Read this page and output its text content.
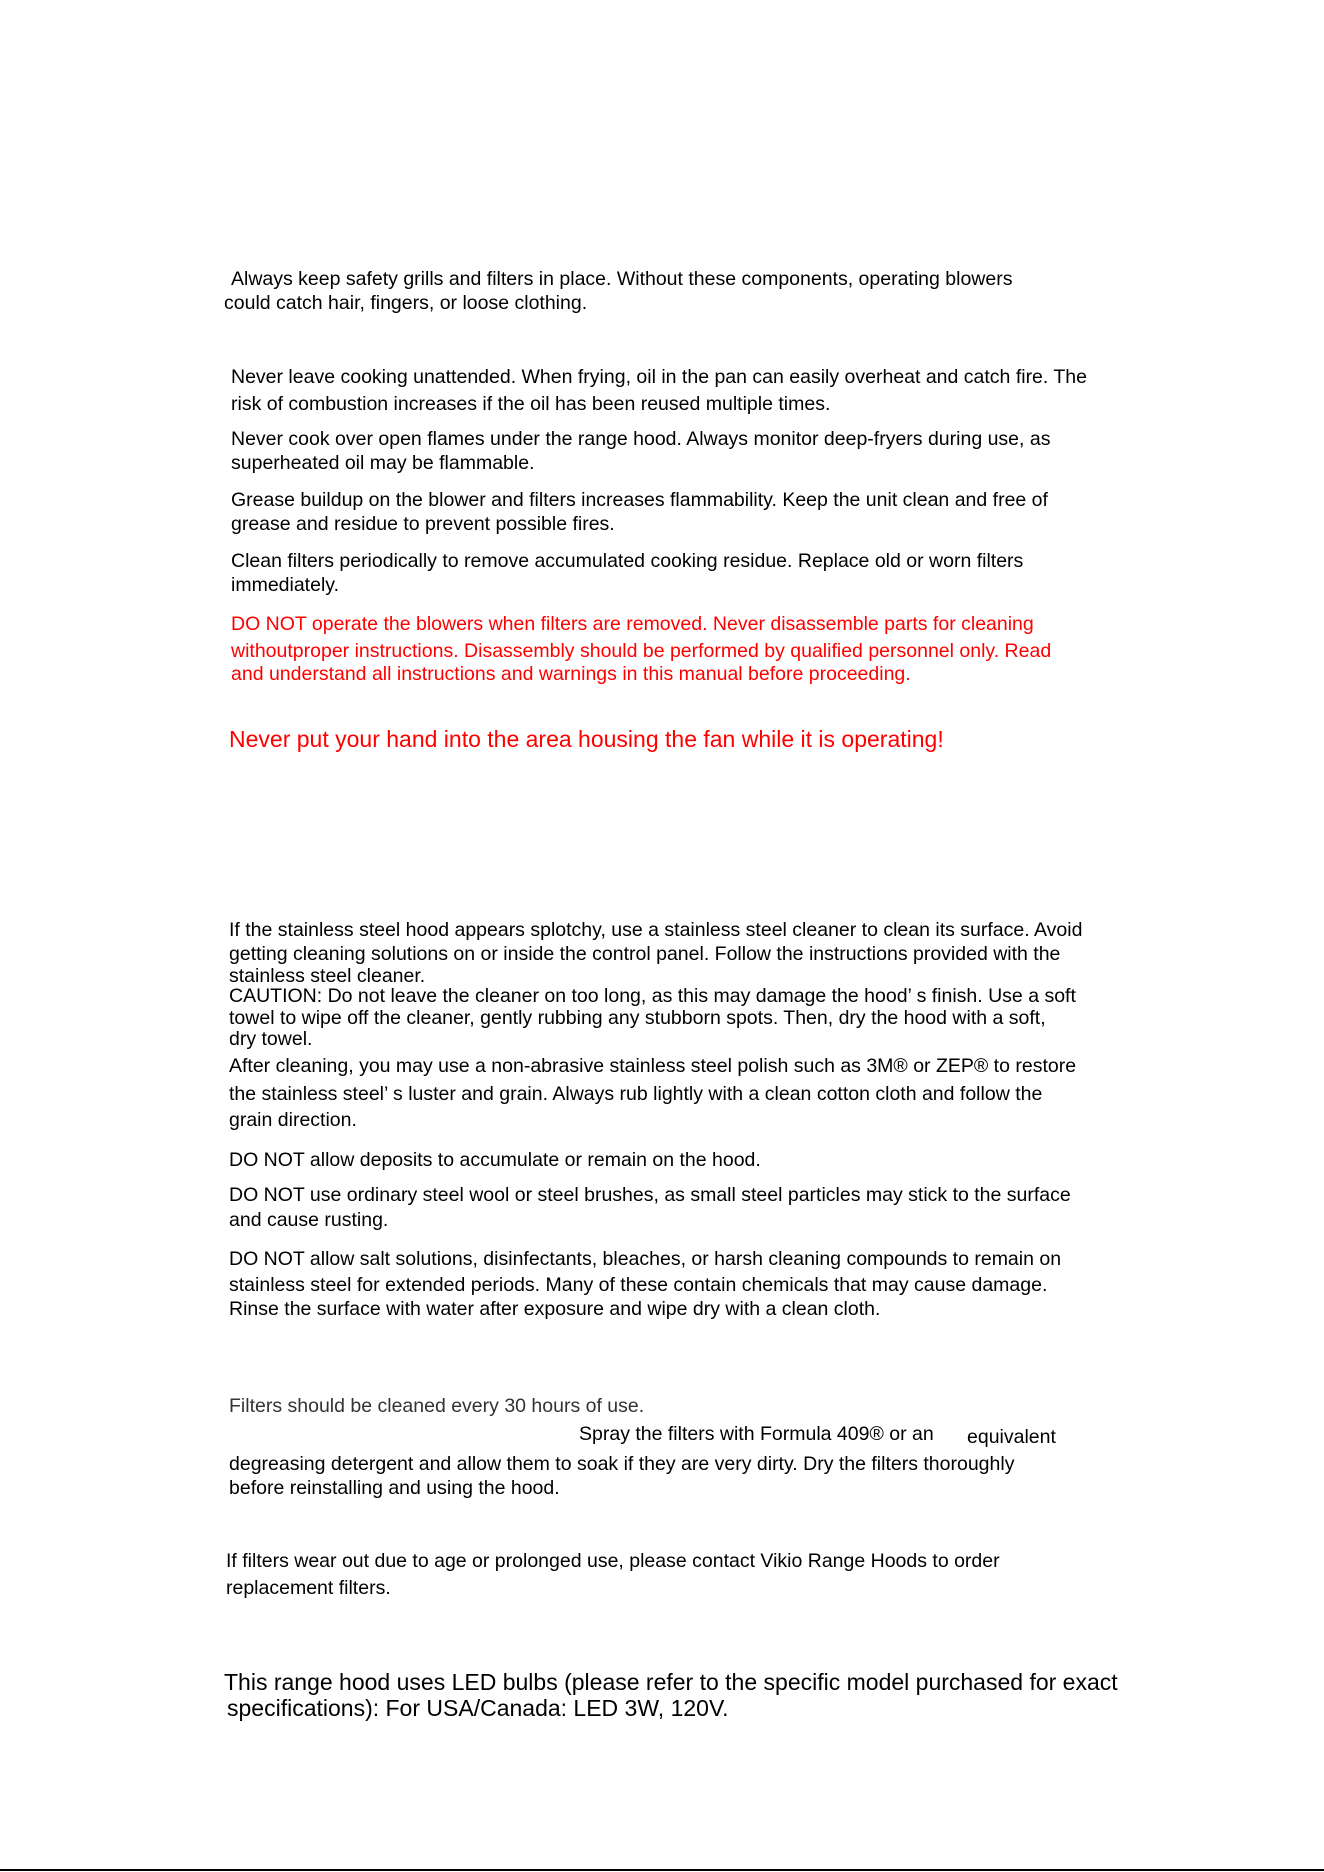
Always keep safety grills and filters in place. Without these components, operating blowers

could catch hair, fingers, or loose clothing.

Never leave cooking unattended. When frying, oil in the pan can easily overheat and catch fire. The

risk of combustion increases if the oil has been reused multiple times.

Never cook over open flames under the range hood. Always monitor deep-fryers during use, as

superheated oil may be flammable.

Grease buildup on the blower and filters increases flammability. Keep the unit clean and free of

grease and residue to prevent possible fires.

Clean filters periodically to remove accumulated cooking residue. Replace old or worn filters

immediately.

DO NOT operate the blowers when filters are removed. Never disassemble parts for cleaning

withoutproper instructions. Disassembly should be performed by qualified personnel only. Read

and understand all instructions and warnings in this manual before proceeding.

Never put your hand into the area housing the fan while it is operating!

If the stainless steel hood appears splotchy, use a stainless steel cleaner to clean its surface. Avoid

getting cleaning solutions on or inside the control panel. Follow the instructions provided with the

stainless steel cleaner.

CAUTION: Do not leave the cleaner on too long, as this may damage the hood’ s finish. Use a soft

towel to wipe off the cleaner, gently rubbing any stubborn spots. Then, dry the hood with a soft,

dry towel.

After cleaning, you may use a non-abrasive stainless steel polish such as 3M® or ZEP® to restore

the stainless steel’ s luster and grain. Always rub lightly with a clean cotton cloth and follow the

grain direction.

DO NOT allow deposits to accumulate or remain on the hood.

DO NOT use ordinary steel wool or steel brushes, as small steel particles may stick to the surface

and cause rusting.

DO NOT allow salt solutions, disinfectants, bleaches, or harsh cleaning compounds to remain on

stainless steel for extended periods. Many of these contain chemicals that may cause damage.

Rinse the surface with water after exposure and wipe dry with a clean cloth.

Filters should be cleaned every 30 hours of use.

Spray the filters with Formula 409® or an equivalent

degreasing detergent and allow them to soak if they are very dirty. Dry the filters thoroughly

before reinstalling and using the hood.

If filters wear out due to age or prolonged use, please contact Vikio Range Hoods to order

replacement filters.

This range hood uses LED bulbs (please refer to the specific model purchased for exact

specifications): For USA/Canada: LED 3W, 120V.
